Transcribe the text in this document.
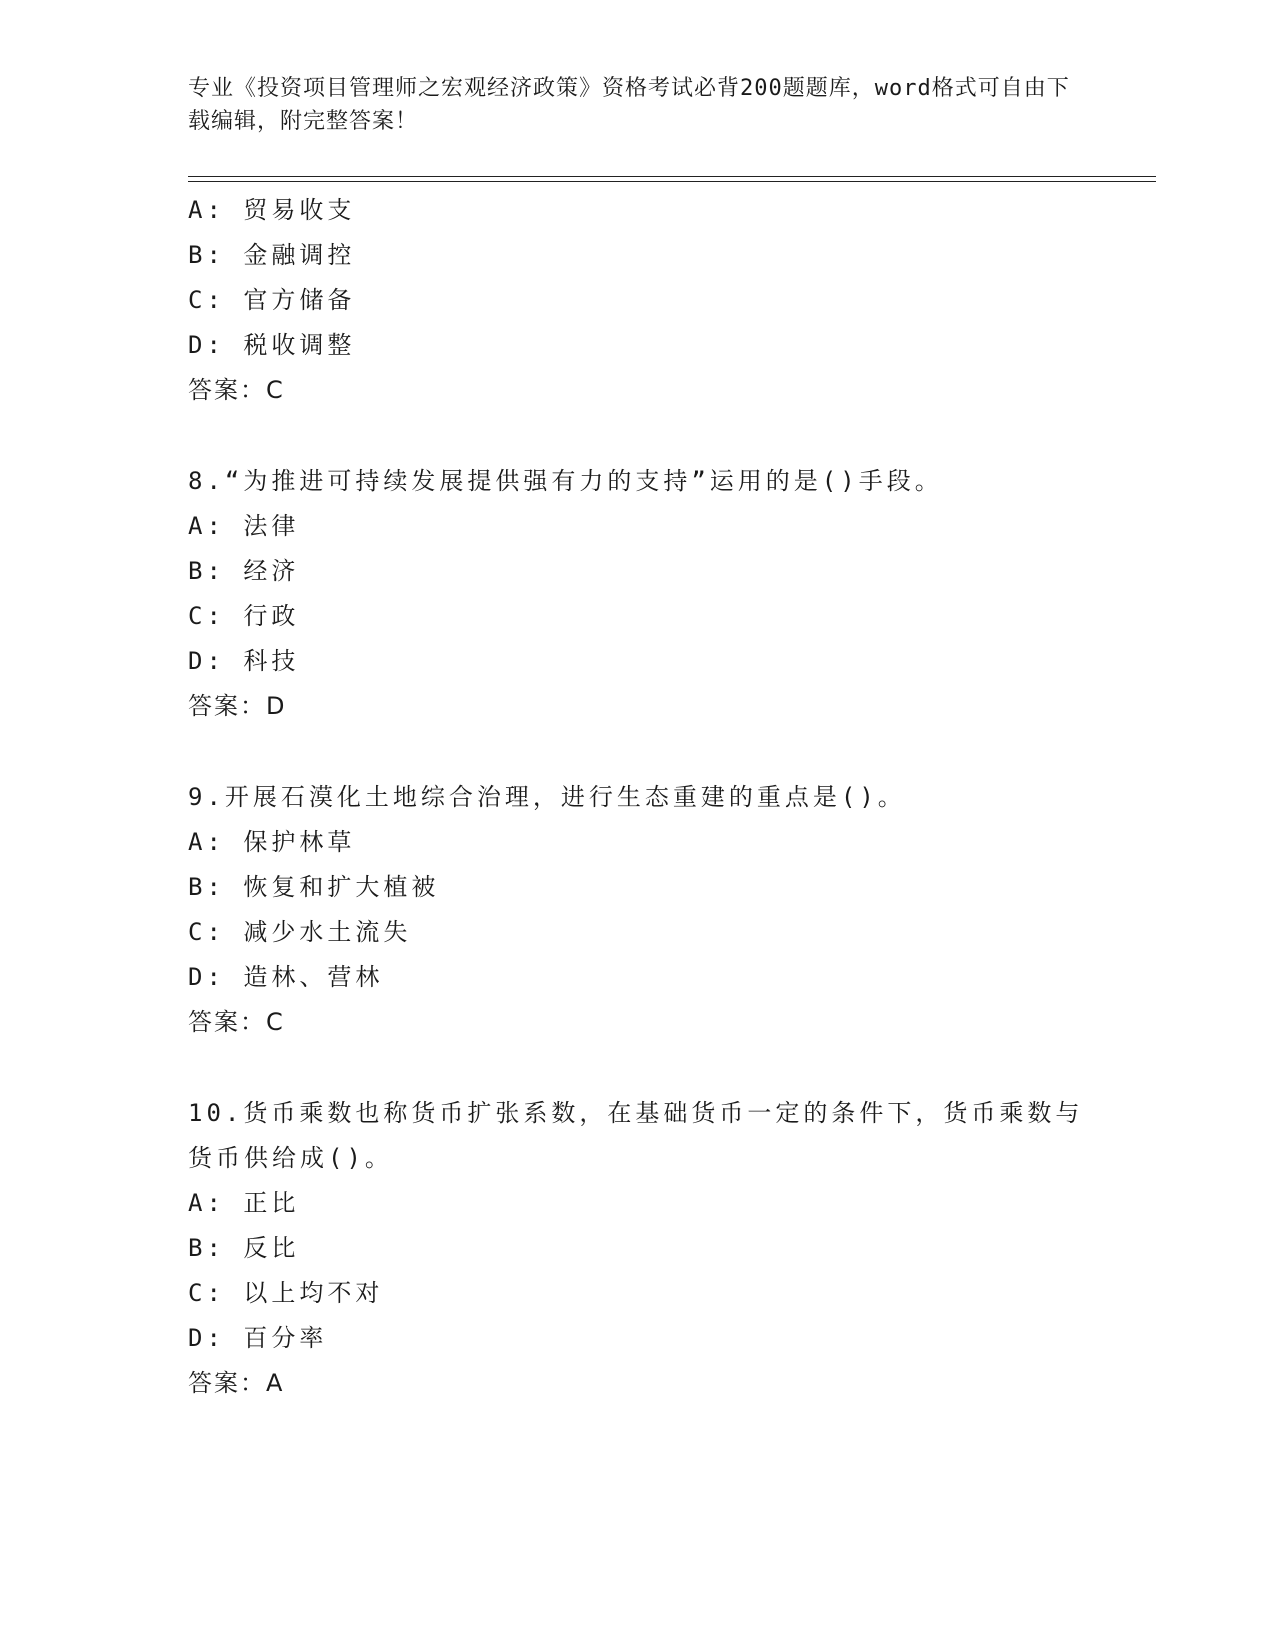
专业《投资项目管理师之宏观经济政策》资格考试必背200题题库，word格式可自由下载编辑，附完整答案！
A: 贸易收支
B: 金融调控
C: 官方储备
D: 税收调整
答案：C
8.“为推进可持续发展提供强有力的支持”运用的是()手段。
A: 法律
B: 经济
C: 行政
D: 科技
答案：D
9.开展石漠化土地综合治理，进行生态重建的重点是()。
A: 保护林草
B: 恢复和扩大植被
C: 减少水土流失
D: 造林、营林
答案：C
10.货币乘数也称货币扩张系数，在基础货币一定的条件下，货币乘数与货币供给成()。
A: 正比
B: 反比
C: 以上均不对
D: 百分率
答案：A
